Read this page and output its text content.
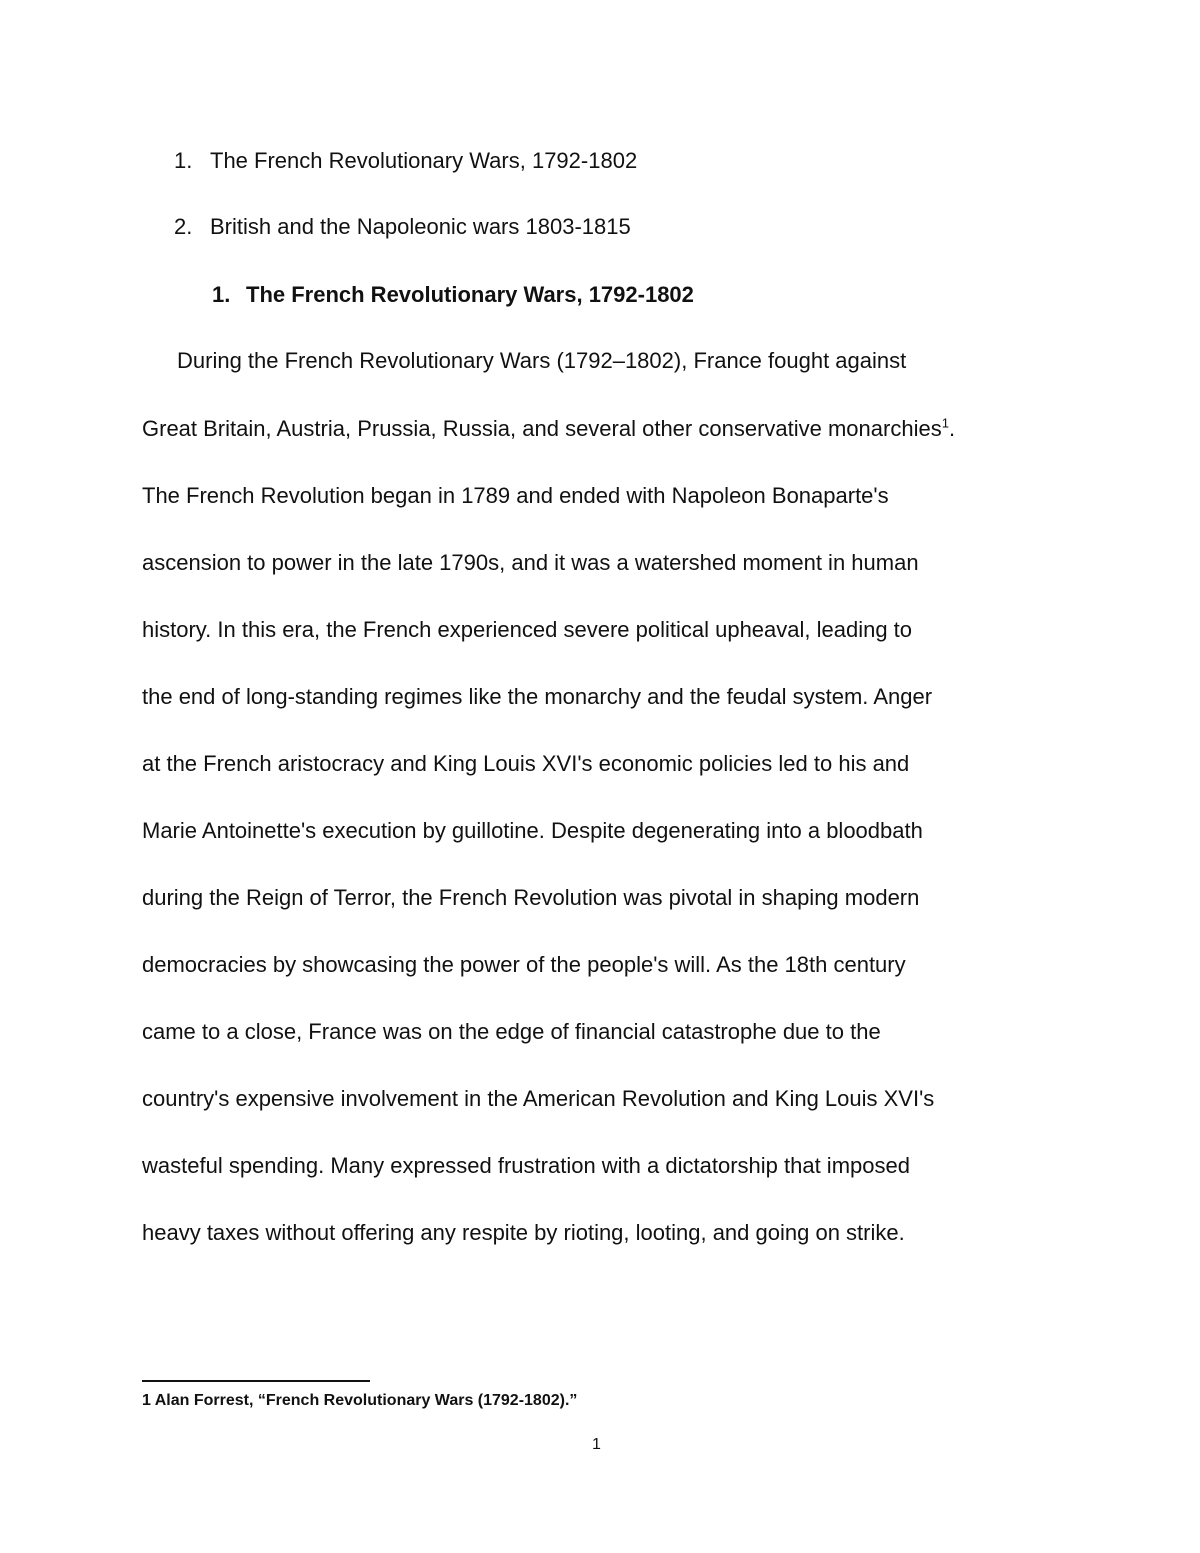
1. The French Revolutionary Wars, 1792-1802
2. British and the Napoleonic wars 1803-1815
1. The French Revolutionary Wars, 1792-1802
During the French Revolutionary Wars (1792–1802), France fought against
Great Britain, Austria, Prussia, Russia, and several other conservative monarchies$^1$.
The French Revolution began in 1789 and ended with Napoleon Bonaparte's
ascension to power in the late 1790s, and it was a watershed moment in human
history. In this era, the French experienced severe political upheaval, leading to
the end of long-standing regimes like the monarchy and the feudal system. Anger
at the French aristocracy and King Louis XVI's economic policies led to his and
Marie Antoinette's execution by guillotine. Despite degenerating into a bloodbath
during the Reign of Terror, the French Revolution was pivotal in shaping modern
democracies by showcasing the power of the people's will. As the 18th century
came to a close, France was on the edge of financial catastrophe due to the
country's expensive involvement in the American Revolution and King Louis XVI's
wasteful spending. Many expressed frustration with a dictatorship that imposed
heavy taxes without offering any respite by rioting, looting, and going on strike.
1 Alan Forrest, “French Revolutionary Wars (1792-1802).”
1
